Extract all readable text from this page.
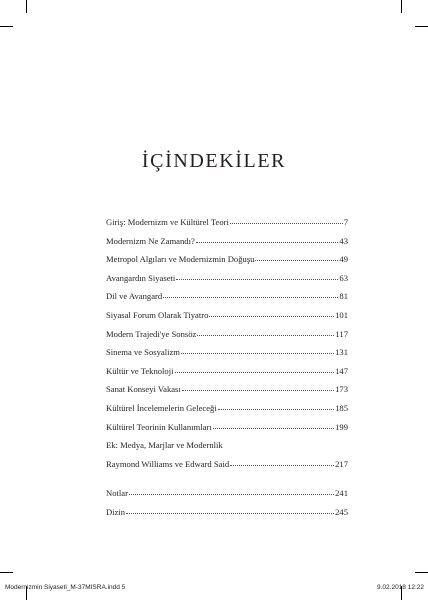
İÇİNDEKİLER
Giriş: Modernizm ve Kültürel Teori	7
Modernizm Ne Zamandı?	43
Metropol Algıları ve Modernizmin Doğuşu	49
Avangardın Siyaseti	63
Dil ve Avangard	81
Siyasal Forum Olarak Tiyatro	101
Modern Trajedi'ye Sonsöz	117
Sinema ve Sosyalizm	131
Kültür ve Teknoloji	147
Sanat Konseyi Vakası	173
Kültürel İncelemelerin Geleceği	185
Kültürel Teorinin Kullanımları	199
Ek: Medya, Marjlar ve Modernlik
Raymond Williams ve Edward Said	217
Notlar	241
Dizin	245
Modernizmin Siyaseti_M-37MISRA.indd 5	9.02.2018 12:22
